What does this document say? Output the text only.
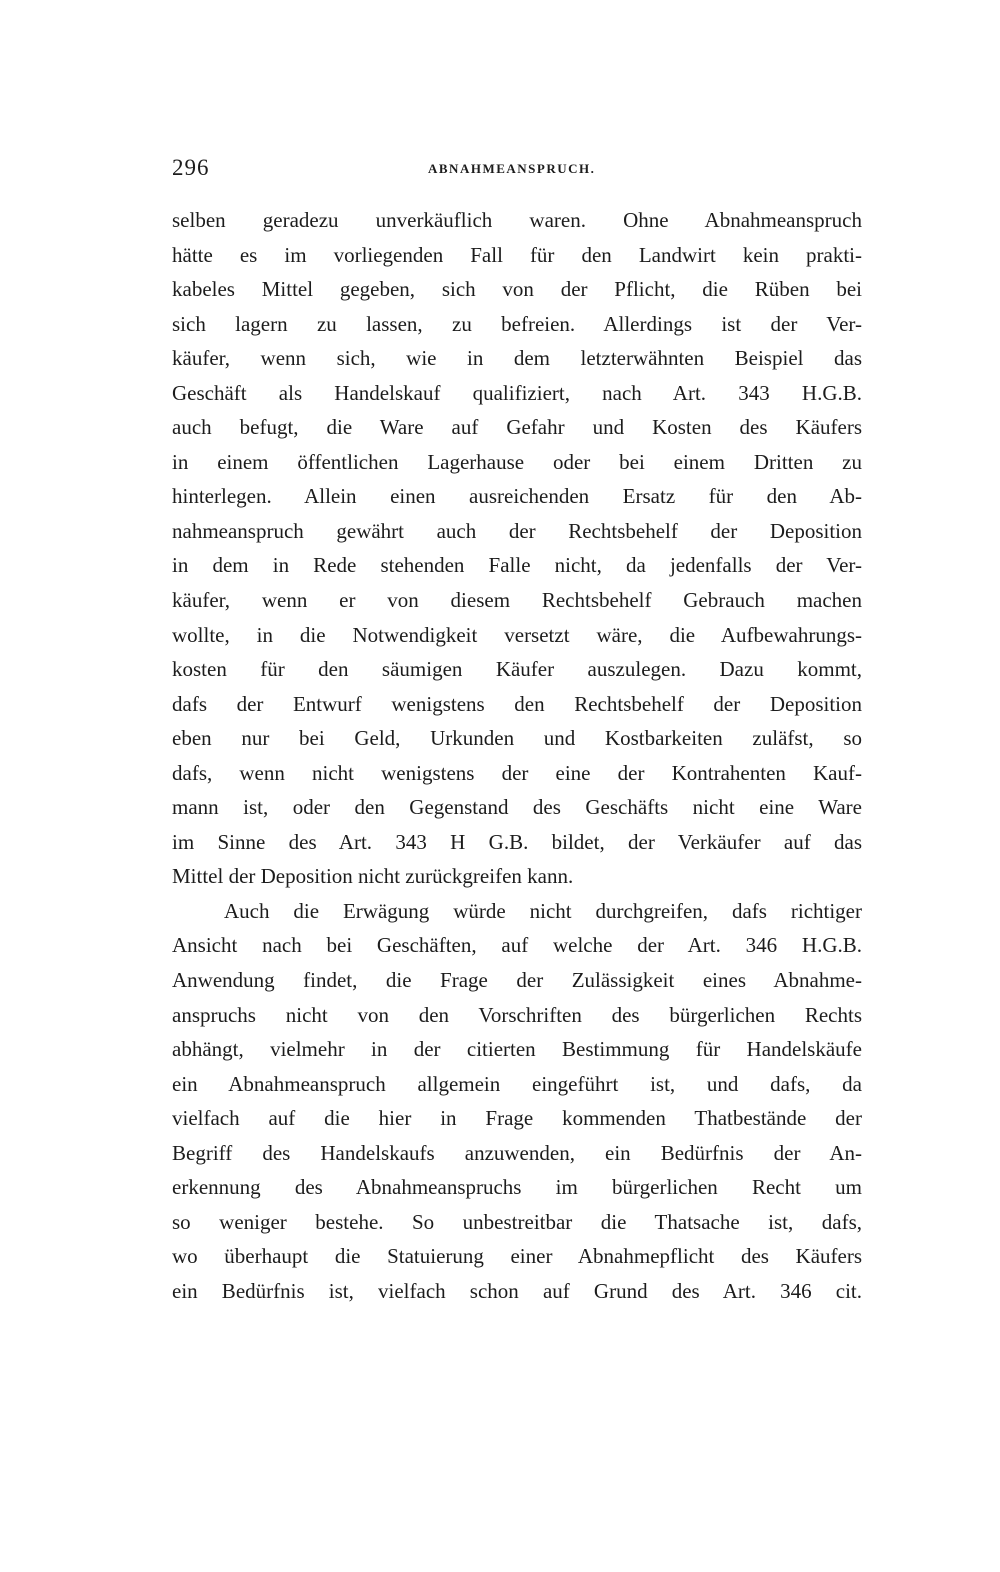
296	ABNAHMEANSPRUCH.
selben geradezu unverkäuflich waren. Ohne Abnahmeanspruch
hätte es im vorliegenden Fall für den Landwirt kein prakti-
kabeles Mittel gegeben, sich von der Pflicht, die Rüben bei
sich lagern zu lassen, zu befreien. Allerdings ist der Ver-
käufer, wenn sich, wie in dem letzterwähnten Beispiel das
Geschäft als Handelskauf qualifiziert, nach Art. 343 H.G.B.
auch befugt, die Ware auf Gefahr und Kosten des Käufers
in einem öffentlichen Lagerhause oder bei einem Dritten zu
hinterlegen. Allein einen ausreichenden Ersatz für den Ab-
nahmeanspruch gewährt auch der Rechtsbehelf der Deposition
in dem in Rede stehenden Falle nicht, da jedenfalls der Ver-
käufer, wenn er von diesem Rechtsbehelf Gebrauch machen
wollte, in die Notwendigkeit versetzt wäre, die Aufbewahrungs-
kosten für den säumigen Käufer auszulegen. Dazu kommt,
dafs der Entwurf wenigstens den Rechtsbehelf der Deposition
eben nur bei Geld, Urkunden und Kostbarkeiten zuläfst, so
dafs, wenn nicht wenigstens der eine der Kontrahenten Kauf-
mann ist, oder den Gegenstand des Geschäfts nicht eine Ware
im Sinne des Art. 343 H G.B. bildet, der Verkäufer auf das
Mittel der Deposition nicht zurückgreifen kann.
Auch die Erwägung würde nicht durchgreifen, dafs richtiger
Ansicht nach bei Geschäften, auf welche der Art. 346 H.G.B.
Anwendung findet, die Frage der Zulässigkeit eines Abnahme-
anspruchs nicht von den Vorschriften des bürgerlichen Rechts
abhängt, vielmehr in der citierten Bestimmung für Handelskäufe
ein Abnahmeanspruch allgemein eingeführt ist, und dafs, da
vielfach auf die hier in Frage kommenden Thatbestände der
Begriff des Handelskaufs anzuwenden, ein Bedürfnis der An-
erkennung des Abnahmeanspruchs im bürgerlichen Recht um
so weniger bestehe. So unbestreitbar die Thatsache ist, dafs,
wo überhaupt die Statuierung einer Abnahmepflicht des Käufers
ein Bedürfnis ist, vielfach schon auf Grund des Art. 346 cit.
